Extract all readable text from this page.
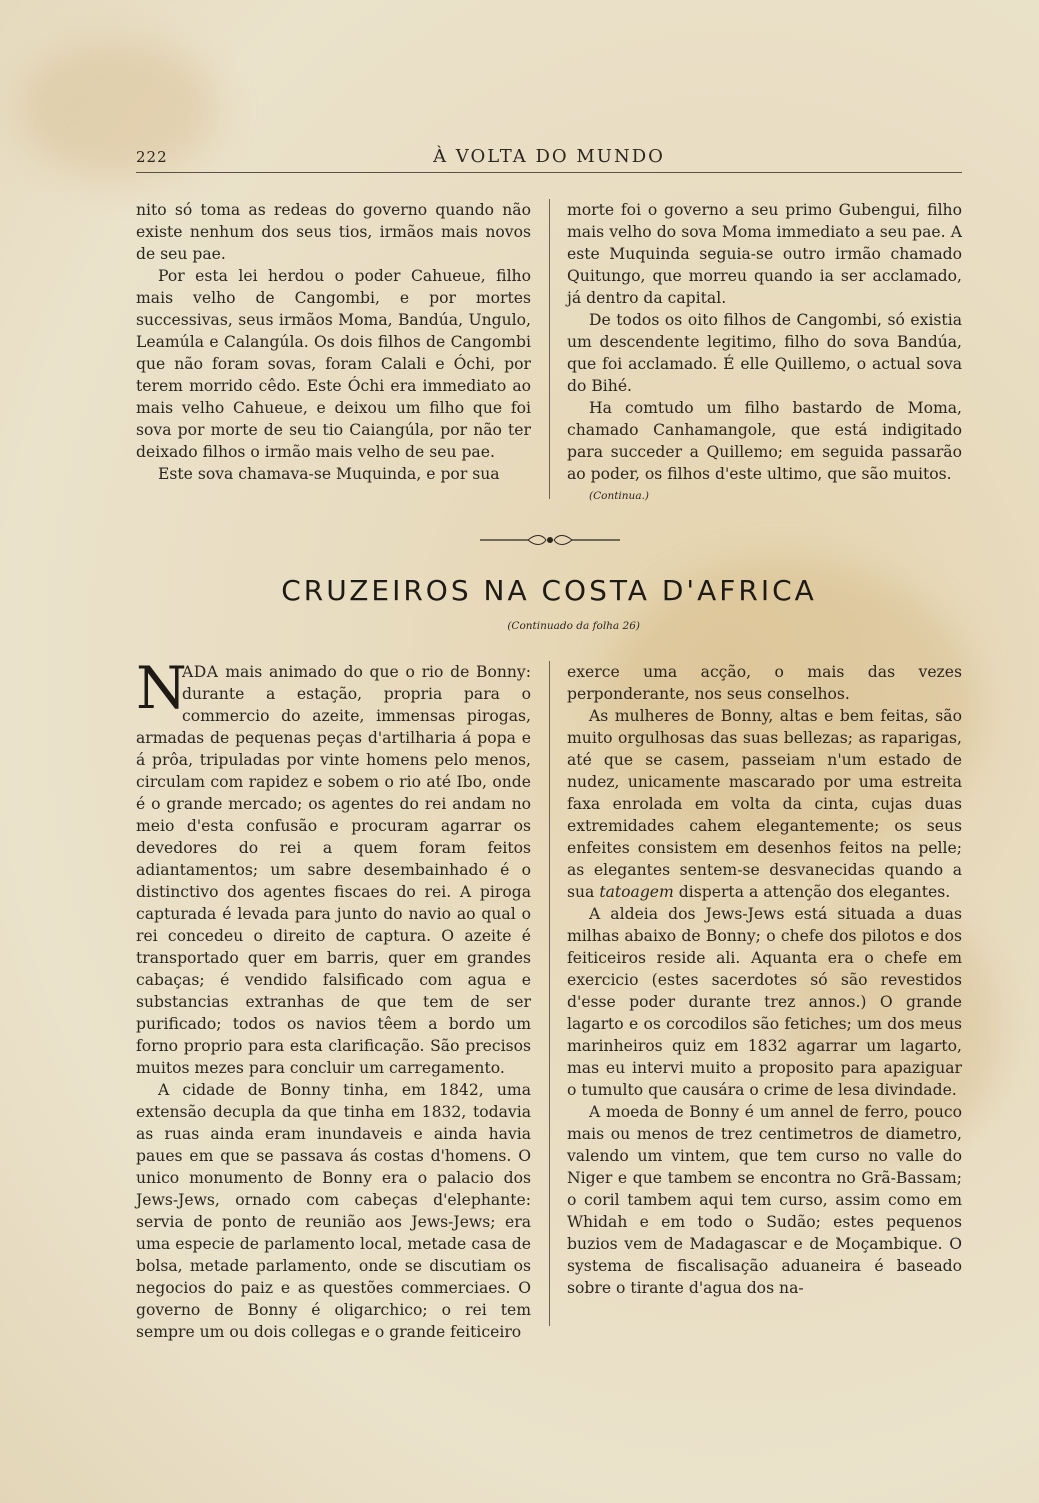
222	À VOLTA DO MUNDO

nito só toma as redeas do governo quando não existe nenhum dos seus tios, irmãos mais novos de seu pae.

Por esta lei herdou o poder Cahueue, filho mais velho de Cangombi, e por mortes successivas, seus irmãos Moma, Bandúa, Ungulo, Leamúla e Calangúla. Os dois filhos de Cangombi que não foram sovas, foram Calali e Óchi, por terem morrido cêdo. Este Óchi era immediato ao mais velho Cahueue, e deixou um filho que foi sova por morte de seu tio Caiangúla, por não ter deixado filhos o irmão mais velho de seu pae.

Este sova chamava-se Muquinda, e por sua

morte foi o governo a seu primo Gubengui, filho mais velho do sova Moma immediato a seu pae. A este Muquinda seguia-se outro irmão chamado Quitungo, que morreu quando ia ser acclamado, já dentro da capital.

De todos os oito filhos de Cangombi, só existia um descendente legitimo, filho do sova Bandúa, que foi acclamado. É elle Quillemo, o actual sova do Bihé.

Ha comtudo um filho bastardo de Moma, chamado Canhamangole, que está indigitado para succeder a Quillemo; em seguida passarão ao poder, os filhos d'este ultimo, que são muitos.

(Continua.)

CRUZEIROS NA COSTA D'AFRICA
(Continuado da folha 26)

N
ADA mais animado do que o rio de Bonny: durante a estação, propria para o commercio do azeite, immensas pirogas, armadas de pequenas peças d'artilharia á popa e á prôa, tripuladas por vinte homens pelo menos, circulam com rapidez e sobem o rio até Ibo, onde é o grande mercado; os agentes do rei andam no meio d'esta confusão e procuram agarrar os devedores do rei a quem foram feitos adiantamentos; um sabre desembainhado é o distinctivo dos agentes fiscaes do rei. A piroga capturada é levada para junto do navio ao qual o rei concedeu o direito de captura. O azeite é transportado quer em barris, quer em grandes cabaças; é vendido falsificado com agua e substancias extranhas de que tem de ser purificado; todos os navios têem a bordo um forno proprio para esta clarificação. São precisos muitos mezes para concluir um carregamento.

A cidade de Bonny tinha, em 1842, uma extensão decupla da que tinha em 1832, todavia as ruas ainda eram inundaveis e ainda havia paues em que se passava ás costas d'homens. O unico monumento de Bonny era o palacio dos Jews-Jews, ornado com cabeças d'elephante: servia de ponto de reunião aos Jews-Jews; era uma especie de parlamento local, metade casa de bolsa, metade parlamento, onde se discutiam os negocios do paiz e as questões commerciaes. O governo de Bonny é oligarchico; o rei tem sempre um ou dois collegas e o grande feiticeiro

exerce uma acção, o mais das vezes perponderante, nos seus conselhos.

As mulheres de Bonny, altas e bem feitas, são muito orgulhosas das suas bellezas; as raparigas, até que se casem, passeiam n'um estado de nudez, unicamente mascarado por uma estreita faxa enrolada em volta da cinta, cujas duas extremidades cahem elegantemente; os seus enfeites consistem em desenhos feitos na pelle; as elegantes sentem-se desvanecidas quando a sua tatoagem disperta a attenção dos elegantes.

A aldeia dos Jews-Jews está situada a duas milhas abaixo de Bonny; o chefe dos pilotos e dos feiticeiros reside ali. Aquanta era o chefe em exercicio (estes sacerdotes só são revestidos d'esse poder durante trez annos.) O grande lagarto e os corcodilos são fetiches; um dos meus marinheiros quiz em 1832 agarrar um lagarto, mas eu intervi muito a proposito para apaziguar o tumulto que causára o crime de lesa divindade.

A moeda de Bonny é um annel de ferro, pouco mais ou menos de trez centimetros de diametro, valendo um vintem, que tem curso no valle do Niger e que tambem se encontra no Grã-Bassam; o coril tambem aqui tem curso, assim como em Whidah e em todo o Sudão; estes pequenos buzios vem de Madagascar e de Moçambique. O systema de fiscalisação aduaneira é baseado sobre o tirante d'agua dos na-
